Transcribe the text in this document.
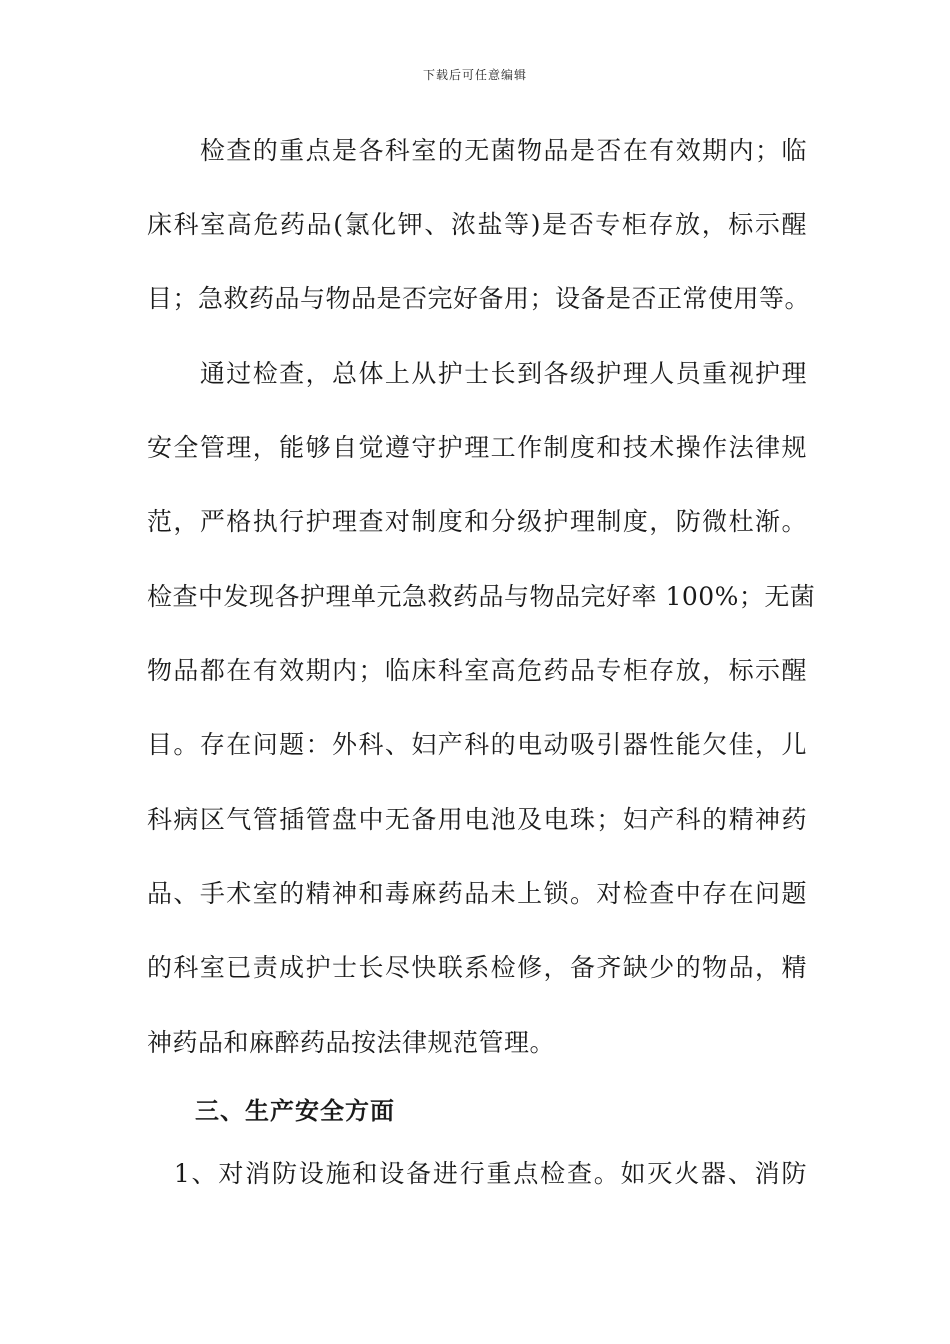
下载后可任意编辑
　　检查的重点是各科室的无菌物品是否在有效期内；临
床科室高危药品(氯化钾、浓盐等)是否专柜存放，标示醒
目；急救药品与物品是否完好备用；设备是否正常使用等。
　　通过检查，总体上从护士长到各级护理人员重视护理
安全管理，能够自觉遵守护理工作制度和技术操作法律规
范，严格执行护理查对制度和分级护理制度，防微杜渐。
检查中发现各护理单元急救药品与物品完好率 100%；无菌
物品都在有效期内；临床科室高危药品专柜存放，标示醒
目。存在问题：外科、妇产科的电动吸引器性能欠佳，儿
科病区气管插管盘中无备用电池及电珠；妇产科的精神药
品、手术室的精神和毒麻药品未上锁。对检查中存在问题
的科室已责成护士长尽快联系检修，备齐缺少的物品，精
神药品和麻醉药品按法律规范管理。
三、生产安全方面
　1、对消防设施和设备进行重点检查。如灭火器、消防
